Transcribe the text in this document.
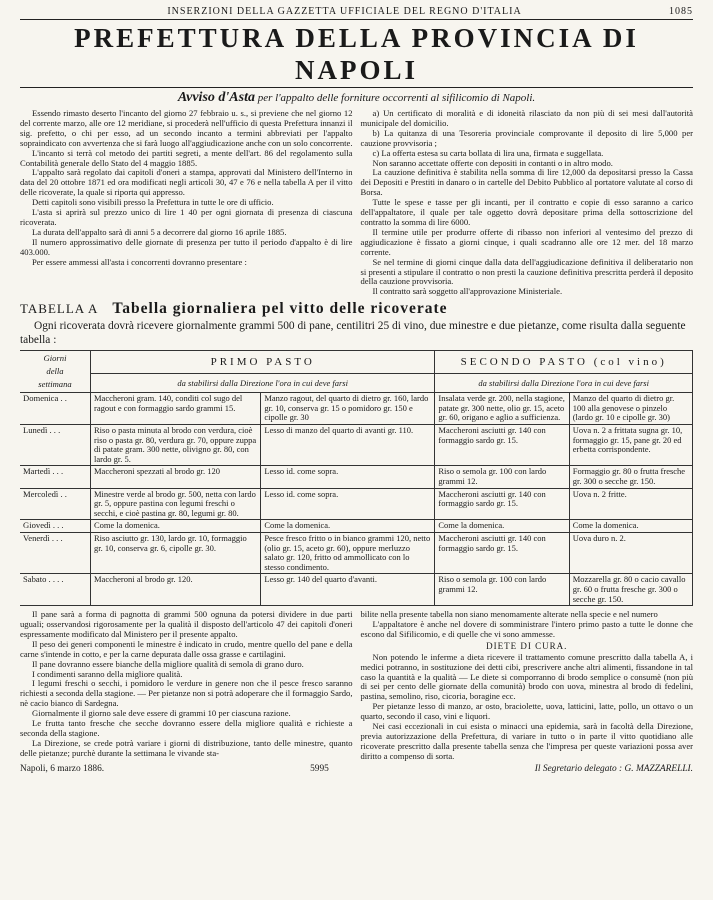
INSERZIONI DELLA GAZZETTA UFFICIALE DEL REGNO D'ITALIA	1085
PREFETTURA DELLA PROVINCIA DI NAPOLI
Avviso d'Asta per l'appalto delle forniture occorrenti al sifilicomio di Napoli.

Essendo rimasto deserto l'incanto del giorno 27 febbraio u. s., si previene che nel giorno 12 del corrente marzo, alle ore 12 meridiane, si procederà nell'ufficio di questa Prefettura innanzi il sig. prefetto, o chi per esso, ad un secondo incanto a termini abbreviati per l'appalto sopraindicato con avvertenza che si farà luogo all'aggiudicazione anche con un solo concorrente.

L'incanto si terrà col metodo dei partiti segreti, a mente dell'art. 86 del regolamento sulla Contabilità generale dello Stato del 4 maggio 1885.

L'appalto sarà regolato dai capitoli d'oneri a stampa, approvati dal Ministero dell'Interno in data del 20 ottobre 1871 ed ora modificati negli articoli 30, 47 e 76 e nella tabella A per il vitto delle ricoverate, la quale si riporta qui appresso.

Detti capitoli sono visibili presso la Prefettura in tutte le ore di ufficio.

L'asta si aprirà sul prezzo unico di lire 1 40 per ogni giornata di presenza di ciascuna ricoverata.

La durata dell'appalto sarà di anni 5 a decorrere dal giorno 16 aprile 1885.

Il numero approssimativo delle giornate di presenza per tutto il periodo d'appalto è di lire 403.000.

Per essere ammessi all'asta i concorrenti dovranno presentare :

a) Un certificato di moralità e di idoneità rilasciato da non più di sei mesi dall'autorità municipale del domicilio.

b) La quitanza di una Tesoreria provinciale comprovante il deposito di lire 5,000 per cauzione provvisoria ;

c) La offerta estesa su carta bollata di lira una, firmata e suggellata.

Non saranno accettate offerte con depositi in contanti o in altro modo.

La cauzione definitiva è stabilita nella somma di lire 12,000 da depositarsi presso la Cassa dei Depositi e Prestiti in danaro o in cartelle del Debito Pubblico al portatore valutate al corso di Borsa.

Tutte le spese e tasse per gli incanti, per il contratto e copie di esso saranno a carico dell'appaltatore, il quale per tale oggetto dovrà depositare prima della sottoscrizione del contratto la somma di lire 6000.

Il termine utile per produrre offerte di ribasso non inferiori al ventesimo del prezzo di aggiudicazione è fissato a giorni cinque, i quali scadranno alle ore 12 mer. del 18 marzo corrente.

Se nel termine di giorni cinque dalla data dell'aggiudicazione definitiva il deliberatario non si presenti a stipulare il contratto o non presti la cauzione definitiva prescritta perderà il deposito della cauzione provvisoria.

Il contratto sarà soggetto all'approvazione Ministeriale.

TABELLA A Tabella giornaliera pel vitto delle ricoverate
Ogni ricoverata dovrà ricevere giornalmente grammi 500 di pane, centilitri 25 di vino, due minestre e due pietanze, come risulta dalla seguente tabella :
Giorni
della
settimana	PRIMO PASTO		SECONDO PASTO (col vino)	
	da stabilirsi dalla Direzione l'ora in cui deve farsi		da stabilirsi dalla Direzione l'ora in cui deve farsi	
Domenica . .	Maccheroni gram. 140, conditi col sugo del ragout e con formaggio sardo grammi 15.	Manzo ragout, del quarto di dietro gr. 160, lardo gr. 10, conserva gr. 15 o pomidoro gr. 150 e cipolle gr. 30	Insalata verde gr. 200, nella stagione, patate gr. 300 nette, olio gr. 15, aceto gr. 60, origano e aglio a sufficienza.	Manzo del quarto di dietro gr. 100 alla genovese o pinzelo (lardo gr. 10 e cipolle gr. 30)
Lunedì . . .	Riso o pasta minuta al brodo con verdura, cioè riso o pasta gr. 80, verdura gr. 70, oppure zuppa di patate gram. 300 nette, olivigno gr. 80, con lardo gr. 5.	Lesso di manzo del quarto di avanti gr. 110.	Maccheroni asciutti gr. 140 con formaggio sardo gr. 15.	Uova n. 2 a frittata sugna gr. 10, formaggio gr. 15, pane gr. 20 ed erbetta corrispondente.
Martedì . . .	Maccheroni spezzati al brodo gr. 120	Lesso id. come sopra.	Riso o semola gr. 100 con lardo grammi 12.	Formaggio gr. 80 o frutta fresche gr. 300 o secche gr. 150.
Mercoledì . .	Minestre verde al brodo gr. 500, netta con lardo gr. 5, oppure pastina con legumi freschi o secchi, e cioè pastina gr. 80, legumi gr. 80.	Lesso id. come sopra.	Maccheroni asciutti gr. 140 con formaggio sardo gr. 15.	Uova n. 2 fritte.
Giovedì . . .	Come la domenica.	Come la domenica.	Come la domenica.	Come la domenica.
Venerdì . . .	Riso asciutto gr. 130, lardo gr. 10, formaggio gr. 10, conserva gr. 6, cipolle gr. 30.	Pesce fresco fritto o in bianco grammi 120, netto (olio gr. 15, aceto gr. 60), oppure merluzzo salato gr. 120, fritto od ammollicato con lo stesso condimento.	Maccheroni asciutti gr. 140 con formaggio sardo gr. 15.	Uova duro n. 2.
Sabato . . . .	Maccheroni al brodo gr. 120.	Lesso gr. 140 del quarto d'avanti.	Riso o semola gr. 100 con lardo grammi 12.	Mozzarella gr. 80 o cacio cavallo gr. 60 o frutta fresche gr. 300 o secche gr. 150.

Il pane sarà a forma di pagnotta di grammi 500 ognuna da potersi dividere in due parti uguali; osservandosi rigorosamente per la qualità il disposto dell'articolo 47 dei capitoli d'oneri espressamente modificato dal Ministero per il presente appalto.

Il peso dei generi componenti le minestre è indicato in crudo, mentre quello del pane e della carne s'intende in cotto, e per la carne depurata dalle ossa grasse e cartilagini.

Il pane dovranno essere bianche della migliore qualità di semola di grano duro.

I condimenti saranno della migliore qualità.

I legumi freschi o secchi, i pomidoro le verdure in genere non che il pesce fresco saranno richiesti a seconda della stagione. — Per pietanze non si potrà adoperare che il formaggio Sardo, nè cacio bianco di Sardegna.

Giornalmente il giorno sale deve essere di grammi 10 per ciascuna razione.

Le frutta tanto fresche che secche dovranno essere della migliore qualità e richieste a seconda della stagione.

La Direzione, se crede potrà variare i giorni di distribuzione, tanto delle minestre, quanto delle pietanze; purchè durante la settimana le vivande sta-

bilite nella presente tabella non siano menomamente alterate nella specie e nel numero

L'appaltatore è anche nel dovere di somministrare l'intero primo pasto a tutte le donne che escono dal Sifilicomio, e di quelle che vi sono ammesse.

DIETE DI CURA.

Non potendo le inferme a dieta ricevere il trattamento comune prescritto dalla tabella A, i medici potranno, in sostituzione dei detti cibi, prescrivere anche altri alimenti, fissandone in tal caso la quantità e la qualità — Le diete si comporranno di brodo semplice o consumè (non più di sei per cento delle giornate della comunità) brodo con uova, minestra al brodo di fedelini, pastina, semolino, riso, cicoria, boragine ecc.

Per pietanze lesso di manzo, ar osto, braciolette, uova, latticini, latte, pollo, un ottavo o un quarto, secondo il caso, vini e liquori.

Nei casi eccezionali in cui esista o minacci una epidemia, sarà in facoltà della Direzione, previa autorizzazione della Prefettura, di variare in tutto o in parte il vitto quotidiano alle ricoverate prescritto dalla presente tabella senza che l'impresa per queste variazioni possa aver diritto a compenso di sorta.

Napoli, 6 marzo 1886.	5995	Il Segretario delegato : G. MAZZARELLI.
